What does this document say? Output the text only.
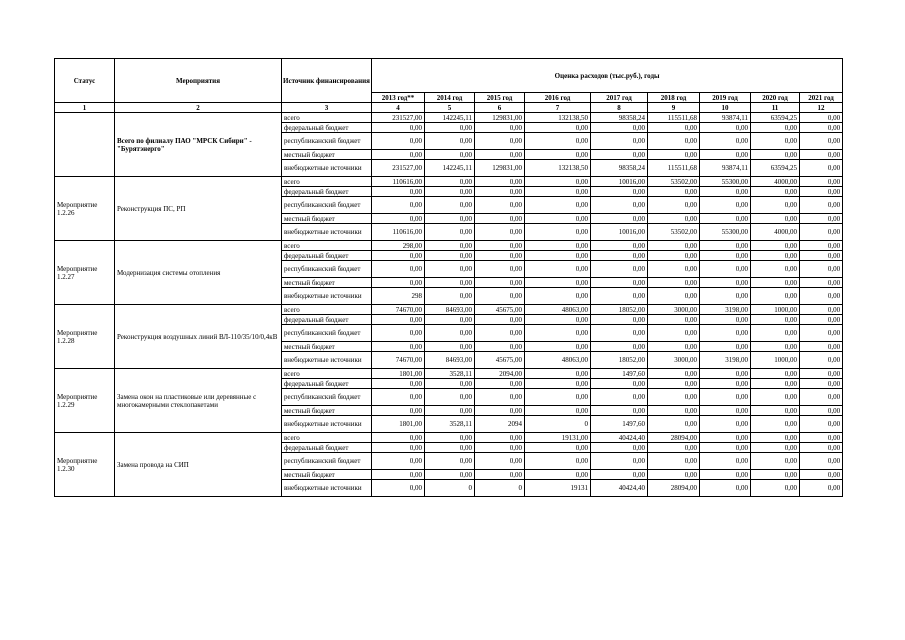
Статус	Мероприятия	Источник финансирования	Оценка расходов (тыс.руб.), годы								
			2013 год**	2014 год	2015 год	2016 год	2017 год	2018 год	2019 год	2020 год	2021 год
1	2	3	4	5	6	7	8	9	10	11	12
	Всего по филиалу ПАО "МРСК Сибири" - "Бурятэнерго"	всего	231527,00	142245,11	129831,00	132138,50	98358,24	115511,68	93874,11	63594,25	0,00
		федеральный бюджет	0,00	0,00	0,00	0,00	0,00	0,00	0,00	0,00	0,00
		республиканский бюджет	0,00	0,00	0,00	0,00	0,00	0,00	0,00	0,00	0,00
		местный бюджет	0,00	0,00	0,00	0,00	0,00	0,00	0,00	0,00	0,00
		внебюджетные источники	231527,00	142245,11	129831,00	132138,50	98358,24	115511,68	93874,11	63594,25	0,00
Мероприятие 1.2.26	Реконструкция ПС, РП	всего	110616,00	0,00	0,00	0,00	10016,00	53502,00	55300,00	4000,00	0,00
		федеральный бюджет	0,00	0,00	0,00	0,00	0,00	0,00	0,00	0,00	0,00
		республиканский бюджет	0,00	0,00	0,00	0,00	0,00	0,00	0,00	0,00	0,00
		местный бюджет	0,00	0,00	0,00	0,00	0,00	0,00	0,00	0,00	0,00
		внебюджетные источники	110616,00	0,00	0,00	0,00	10016,00	53502,00	55300,00	4000,00	0,00
Мероприятие 1.2.27	Модернизация системы отопления	всего	298,00	0,00	0,00	0,00	0,00	0,00	0,00	0,00	0,00
		федеральный бюджет	0,00	0,00	0,00	0,00	0,00	0,00	0,00	0,00	0,00
		республиканский бюджет	0,00	0,00	0,00	0,00	0,00	0,00	0,00	0,00	0,00
		местный бюджет	0,00	0,00	0,00	0,00	0,00	0,00	0,00	0,00	0,00
		внебюджетные источники	298	0,00	0,00	0,00	0,00	0,00	0,00	0,00	0,00
Мероприятие 1.2.28	Реконструкция воздушных линий ВЛ-110/35/10/0,4кВ	всего	74670,00	84693,00	45675,00	48063,00	18052,00	3000,00	3198,00	1000,00	0,00
		федеральный бюджет	0,00	0,00	0,00	0,00	0,00	0,00	0,00	0,00	0,00
		республиканский бюджет	0,00	0,00	0,00	0,00	0,00	0,00	0,00	0,00	0,00
		местный бюджет	0,00	0,00	0,00	0,00	0,00	0,00	0,00	0,00	0,00
		внебюджетные источники	74670,00	84693,00	45675,00	48063,00	18052,00	3000,00	3198,00	1000,00	0,00
Мероприятие 1.2.29	Замена окон на пластиковые или деревянные с многокамерными стеклопакетами	всего	1801,00	3528,11	2094,00	0,00	1497,60	0,00	0,00	0,00	0,00
		федеральный бюджет	0,00	0,00	0,00	0,00	0,00	0,00	0,00	0,00	0,00
		республиканский бюджет	0,00	0,00	0,00	0,00	0,00	0,00	0,00	0,00	0,00
		местный бюджет	0,00	0,00	0,00	0,00	0,00	0,00	0,00	0,00	0,00
		внебюджетные источники	1801,00	3528,11	2094	0	1497,60	0,00	0,00	0,00	0,00
Мероприятие 1.2.30	Замена провода на СИП	всего	0,00	0,00	0,00	19131,00	40424,40	28094,00	0,00	0,00	0,00
		федеральный бюджет	0,00	0,00	0,00	0,00	0,00	0,00	0,00	0,00	0,00
		республиканский бюджет	0,00	0,00	0,00	0,00	0,00	0,00	0,00	0,00	0,00
		местный бюджет	0,00	0,00	0,00	0,00	0,00	0,00	0,00	0,00	0,00
		внебюджетные источники	0,00	0	0	19131	40424,40	28094,00	0,00	0,00	0,00
